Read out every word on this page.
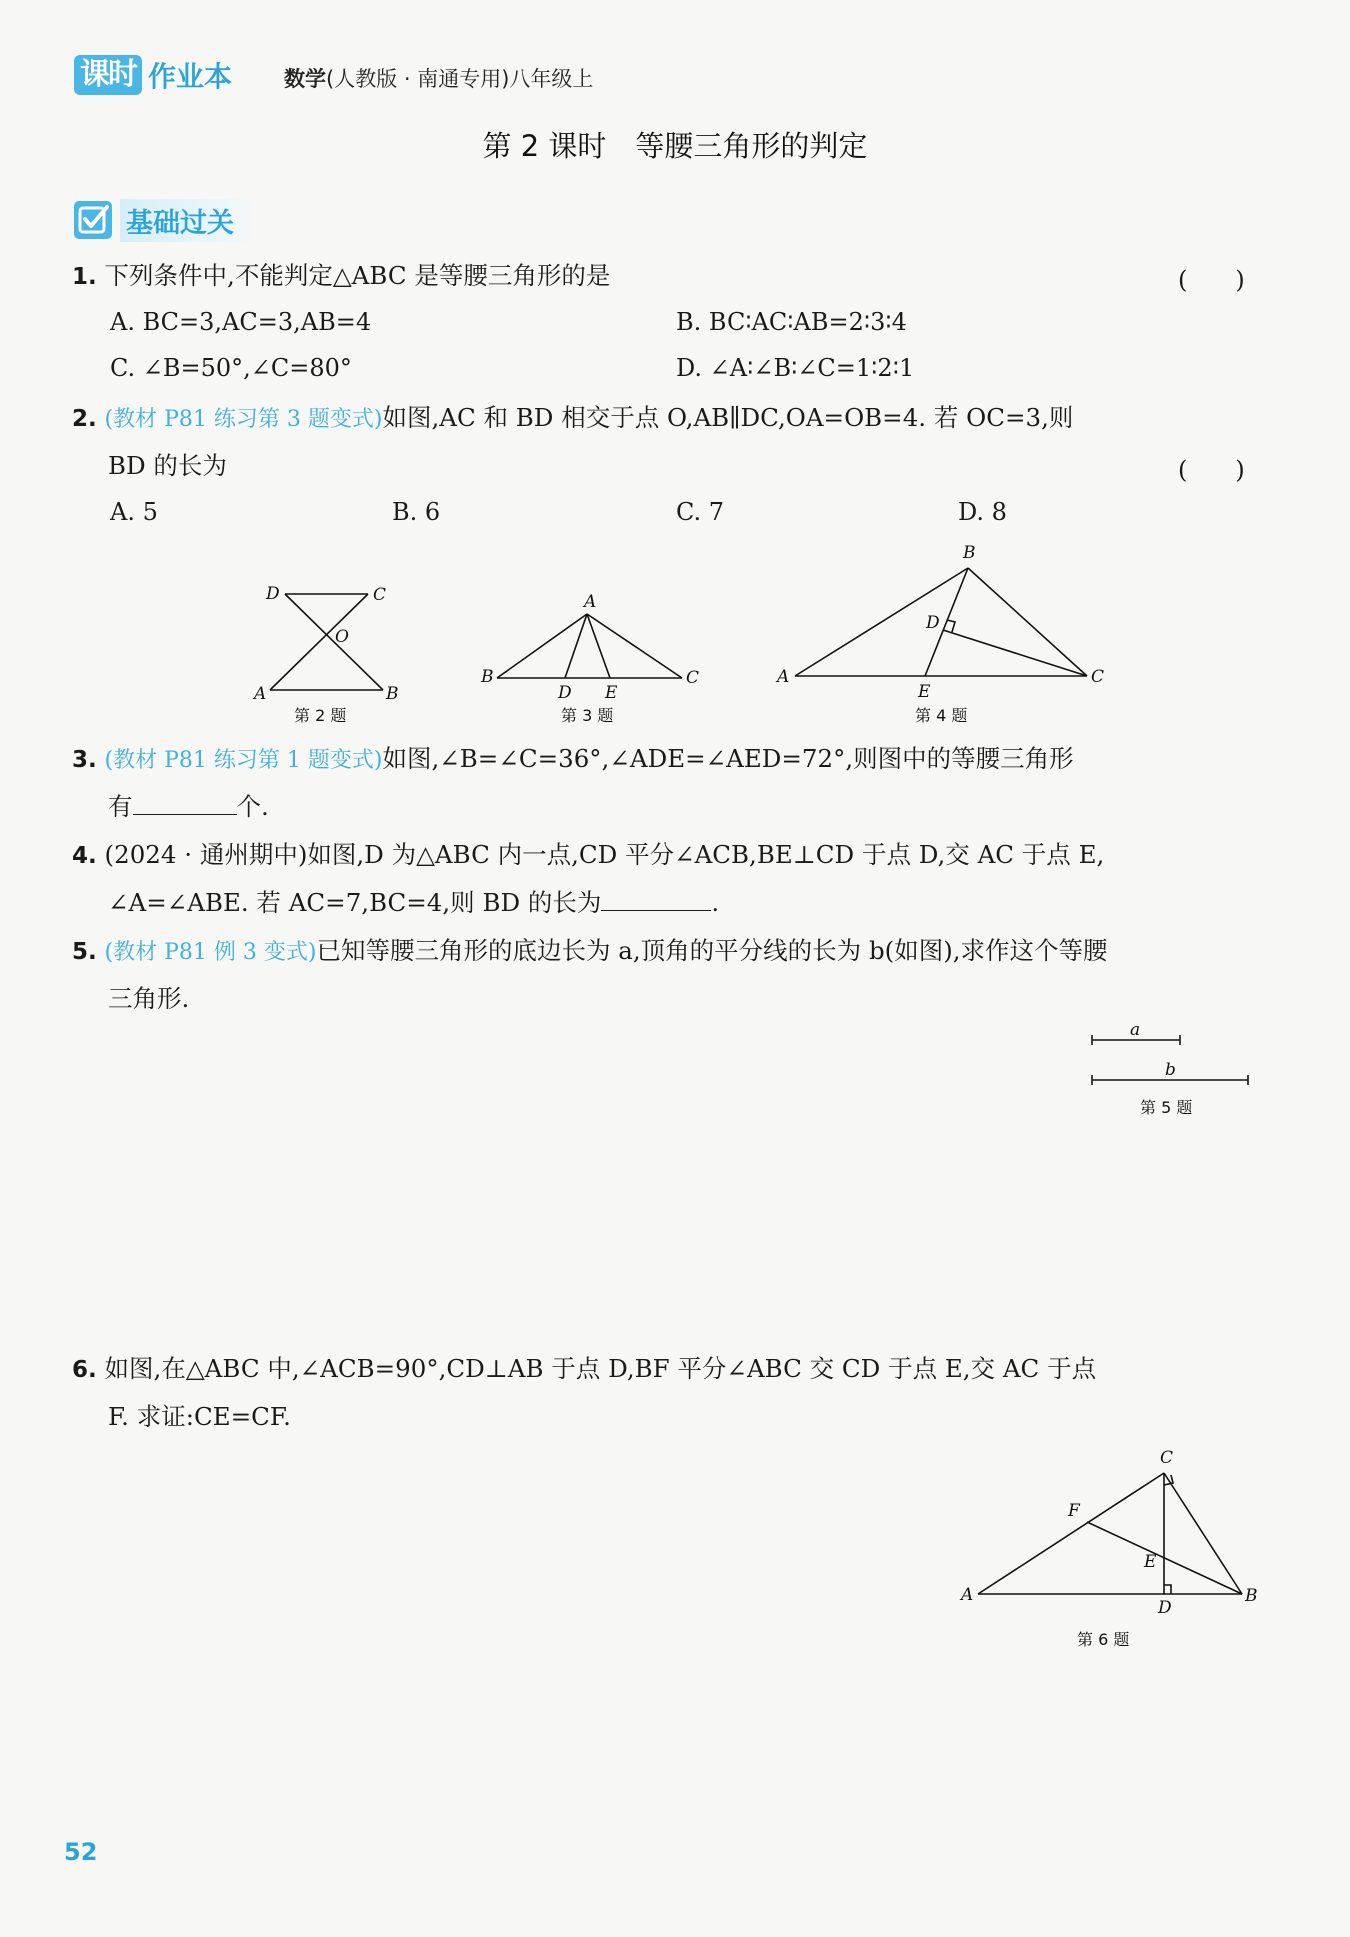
课时 作业本 数学(人教版 · 南通专用)八年级上
第 2 课时　等腰三角形的判定
基础过关
1. 下列条件中,不能判定△ABC 是等腰三角形的是	(　　)
A. BC=3,AC=3,AB=4	B. BC∶AC∶AB=2∶3∶4
C. ∠B=50°,∠C=80°	D. ∠A∶∠B∶∠C=1∶2∶1
2. (教材 P81 练习第 3 题变式)如图,AC 和 BD 相交于点 O,AB∥DC,OA=OB=4. 若 OC=3,则
BD 的长为	(　　)
A. 5	B. 6	C. 7	D. 8
D	C
O
A	B
第 2 题
A
B
D E
C
第 3 题
B
D
A
E
C
第 4 题
3. (教材 P81 练习第 1 题变式)如图,∠B=∠C=36°,∠ADE=∠AED=72°,则图中的等腰三角形
有	个.
4. (2024 · 通州期中)如图,D 为△ABC 内一点,CD 平分∠ACB,BE⊥CD 于点 D,交 AC 于点 E,
∠A=∠ABE. 若 AC=7,BC=4,则 BD 的长为	.
5. (教材 P81 例 3 变式)已知等腰三角形的底边长为 a,顶角的平分线的长为 b(如图),求作这个等腰
三角形.
a
b
第 5 题
6. 如图,在△ABC 中,∠ACB=90°,CD⊥AB 于点 D,BF 平分∠ABC 交 CD 于点 E,交 AC 于点
F. 求证:CE=CF.
C
F
E
A
D
B
第 6 题
52
